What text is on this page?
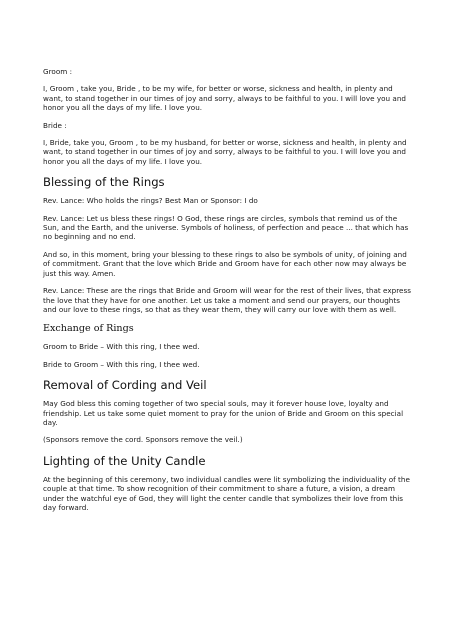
Groom :

I, Groom , take you, Bride , to be my wife, for better or worse, sickness and health, in plenty and want, to stand together in our times of joy and sorry, always to be faithful to you. I will love you and honor you all the days of my life. I love you.

Bride :

I, Bride, take you, Groom , to be my husband, for better or worse, sickness and health, in plenty and want, to stand together in our times of joy and sorry, always to be faithful to you. I will love you and honor you all the days of my life. I love you.

Blessing of the Rings

Rev. Lance: Who holds the rings? Best Man or Sponsor: I do

Rev. Lance: Let us bless these rings! O God, these rings are circles, symbols that remind us of the Sun, and the Earth, and the universe. Symbols of holiness, of perfection and peace ... that which has no beginning and no end.

And so, in this moment, bring your blessing to these rings to also be symbols of unity, of joining and of commitment. Grant that the love which Bride and Groom have for each other now may always be just this way. Amen.

Rev. Lance: These are the rings that Bride and Groom will wear for the rest of their lives, that express the love that they have for one another. Let us take a moment and send our prayers, our thoughts and our love to these rings, so that as they wear them, they will carry our love with them as well.

Exchange of Rings

Groom to Bride – With this ring, I thee wed.

Bride to Groom – With this ring, I thee wed.

Removal of Cording and Veil

May God bless this coming together of two special souls, may it forever house love, loyalty and friendship. Let us take some quiet moment to pray for the union of Bride and Groom on this special day.

(Sponsors remove the cord. Sponsors remove the veil.)

Lighting of the Unity Candle

At the beginning of this ceremony, two individual candles were lit symbolizing the individuality of the couple at that time. To show recognition of their commitment to share a future, a vision, a dream under the watchful eye of God, they will light the center candle that symbolizes their love from this day forward.
